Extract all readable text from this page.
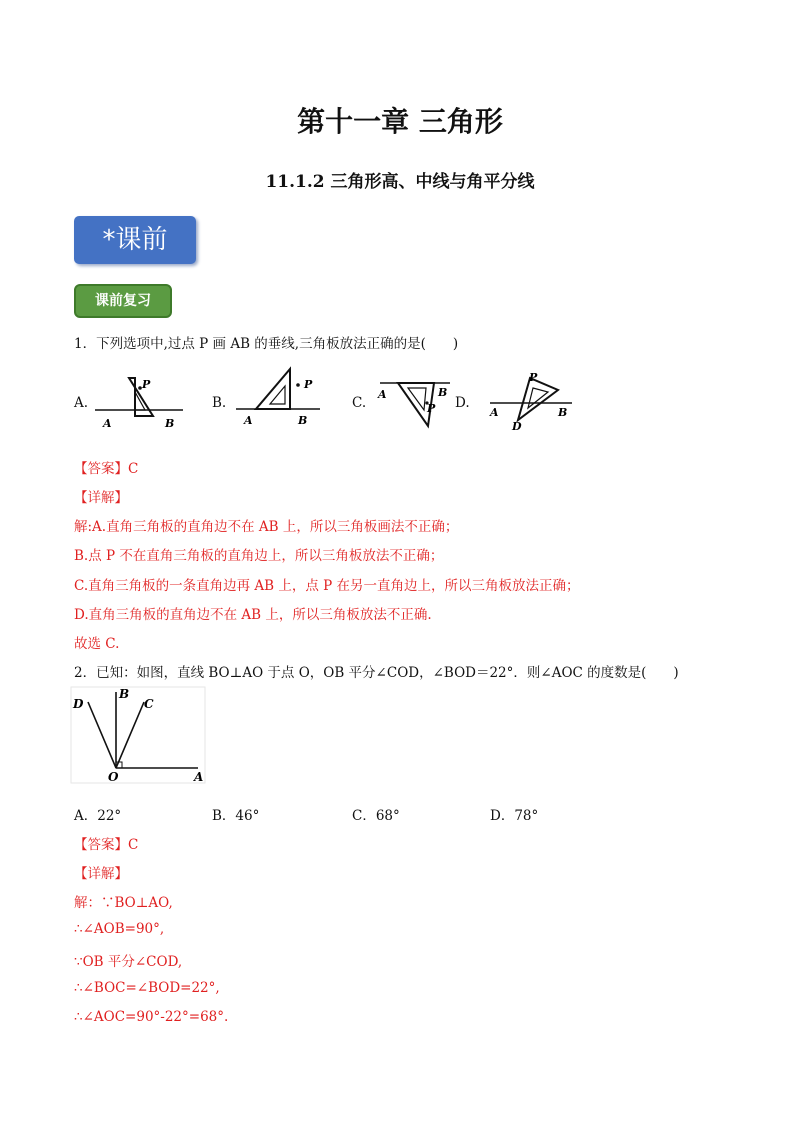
第十一章 三角形
11.1.2 三角形高、中线与角平分线
*课前
课前复习
1．下列选项中,过点 P 画 AB 的垂线,三角板放法正确的是(　　)
A.
P
A	B
B.
P
A	B
C.
A	B
P D.
P
A	B
D
【答案】C
【详解】
解:A.直角三角板的直角边不在 AB 上，所以三角板画法不正确；
B.点 P 不在直角三角板的直角边上，所以三角板放法不正确；
C.直角三角板的一条直角边再 AB 上，点 P 在另一直角边上，所以三角板放法正确；
D.直角三角板的直角边不在 AB 上，所以三角板放法不正确.
故选 C.
2．已知：如图，直线 BO⊥AO 于点 O，OB 平分∠COD，∠BOD＝22°．则∠AOC 的度数是(　　)
D
B
C
O	A
A．22°	B．46°	C．68°	D．78°
【答案】C
【详解】
解：∵BO⊥AO,
∴∠AOB=90°,
∵OB 平分∠COD,
∴∠BOC=∠BOD=22°,
∴∠AOC=90°-22°=68°.
